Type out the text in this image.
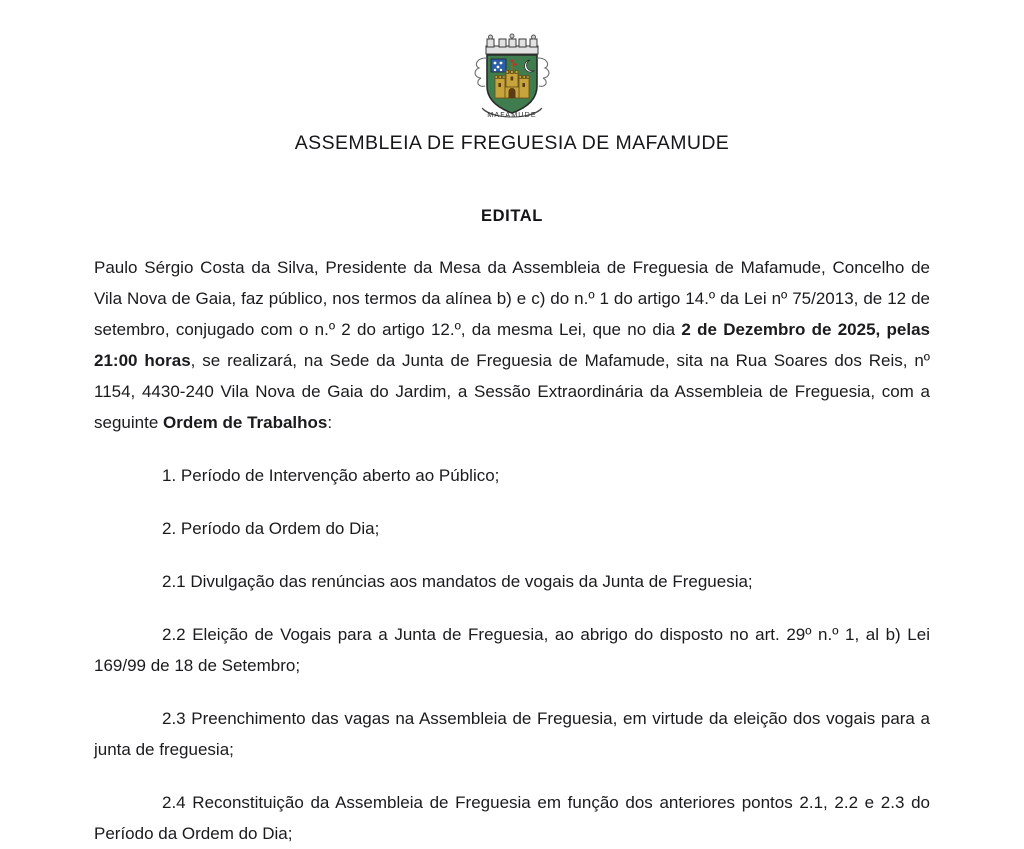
MAFAMUDE
ASSEMBLEIA DE FREGUESIA DE MAFAMUDE
EDITAL

Paulo Sérgio Costa da Silva, Presidente da Mesa da Assembleia de Freguesia de Mafamude, Concelho de Vila Nova de Gaia, faz público, nos termos da alínea b) e c) do n.º 1 do artigo 14.º da Lei nº 75/2013, de 12 de setembro, conjugado com o n.º 2 do artigo 12.º, da mesma Lei, que no dia 2 de Dezembro de 2025, pelas 21:00 horas, se realizará, na Sede da Junta de Freguesia de Mafamude, sita na Rua Soares dos Reis, nº 1154, 4430-240 Vila Nova de Gaia do Jardim, a Sessão Extraordinária da Assembleia de Freguesia, com a seguinte Ordem de Trabalhos:

1. Período de Intervenção aberto ao Público;
2. Período da Ordem do Dia;
2.1 Divulgação das renúncias aos mandatos de vogais da Junta de Freguesia;
2.2 Eleição de Vogais para a Junta de Freguesia, ao abrigo do disposto no art. 29º n.º 1, al b) Lei 169/99 de 18 de Setembro;
2.3 Preenchimento das vagas na Assembleia de Freguesia, em virtude da eleição dos vogais para a junta de freguesia;
2.4 Reconstituição da Assembleia de Freguesia em função dos anteriores pontos 2.1, 2.2 e 2.3 do Período da Ordem do Dia;
